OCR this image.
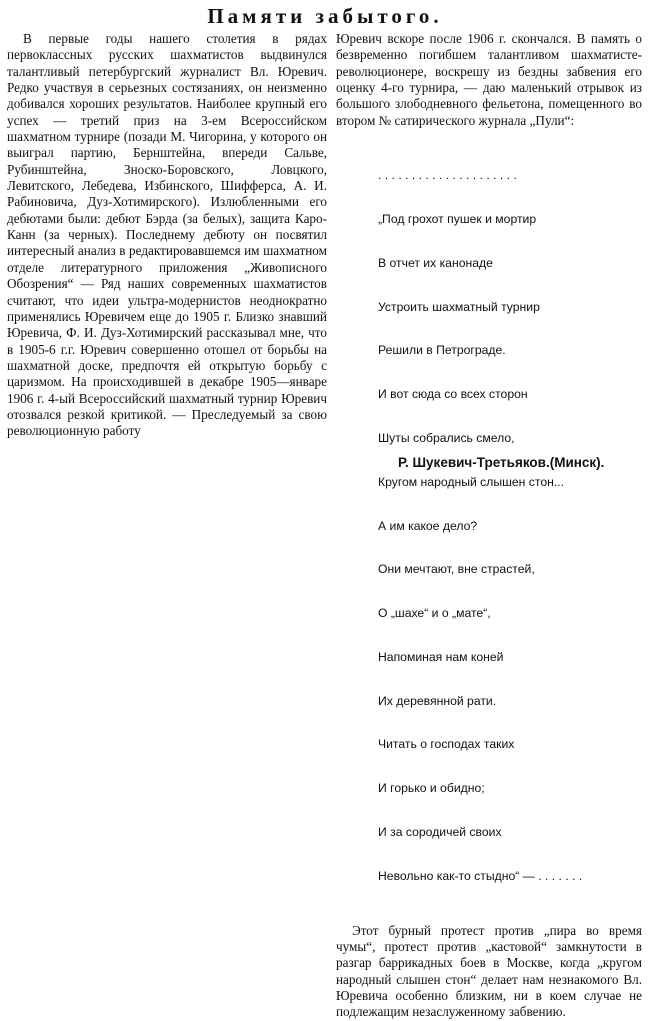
Памяти забытого.

В первые годы нашего столетия в рядах первоклассных русских шахматистов выдвинулся талантливый петербургский журналист Вл. Юревич. Редко участвуя в серьезных состязаниях, он неизменно добивался хороших результатов. Наиболее крупный его успех — третий приз на 3-ем Всероссийском шахматном турнире (позади М. Чигорина, у которого он выиграл партию, Бернштейна, впереди Сальве, Рубинштейна, Зноско-Боровского, Ловцкого, Левитского, Лебедева, Избинского, Шифферса, А. И. Рабиновича, Дуз-Хотимирского). Излюбленными его дебютами были: дебют Бэрда (за белых), защита Каро-Канн (за черных). Последнему дебюту он посвятил интересный анализ в редактировавшемся им шахматном отделе литературного приложения „Живописного Обозрения“ — Ряд наших современных шахматистов считают, что идеи ультра-модернистов неоднократно применялись Юревичем еще до 1905 г. Близко знавший Юревича, Ф. И. Дуз-Хотимирский рассказывал мне, что в 1905-6 г.г. Юревич совершенно отошел от борьбы на шахматной доске, предпочтя ей открытую борьбу с царизмом. На происходившей в декабре 1905—январе 1906 г. 4-ый Всероссийский шахматный турнир Юревич отозвался резкой критикой. — Преследуемый за свою революционную работу

Юревич вскоре после 1906 г. скончался. В память о безвременно погибшем талантливом шахматисте-революционере, воскрешу из бездны забвения его оценку 4-го турнира, — даю маленький отрывок из большого злободневного фельетона, помещенного во втором № сатирического журнала „Пули“:

. . . . . . . . . . . . . . . . . . . . .

„Под грохот пушек и мортир

В отчет их канонаде

Устроить шахматный турнир

Решили в Петрограде.

И вот сюда со всех сторон

Шуты собрались смело,

Кругом народный слышен стон...

А им какое дело?

Они мечтают, вне страстей,

О „шахе“ и о „мате“,

Напоминая нам коней

Их деревянной рати.

Читать о господах таких

И горько и обидно;

И за сородичей своих

Невольно как-то стыдно“ — . . . . . . .

Этот бурный протест против „пира во время чумы“, протест против „кастовой“ замкнутости в разгар баррикадных боев в Москве, когда „кругом народный слышен стон“ делает нам незнакомого Вл. Юревича особенно близким, ни в коем случае не подлежащим незаслуженному забвению.

Р. Шукевич-Третьяков.(Минск).
